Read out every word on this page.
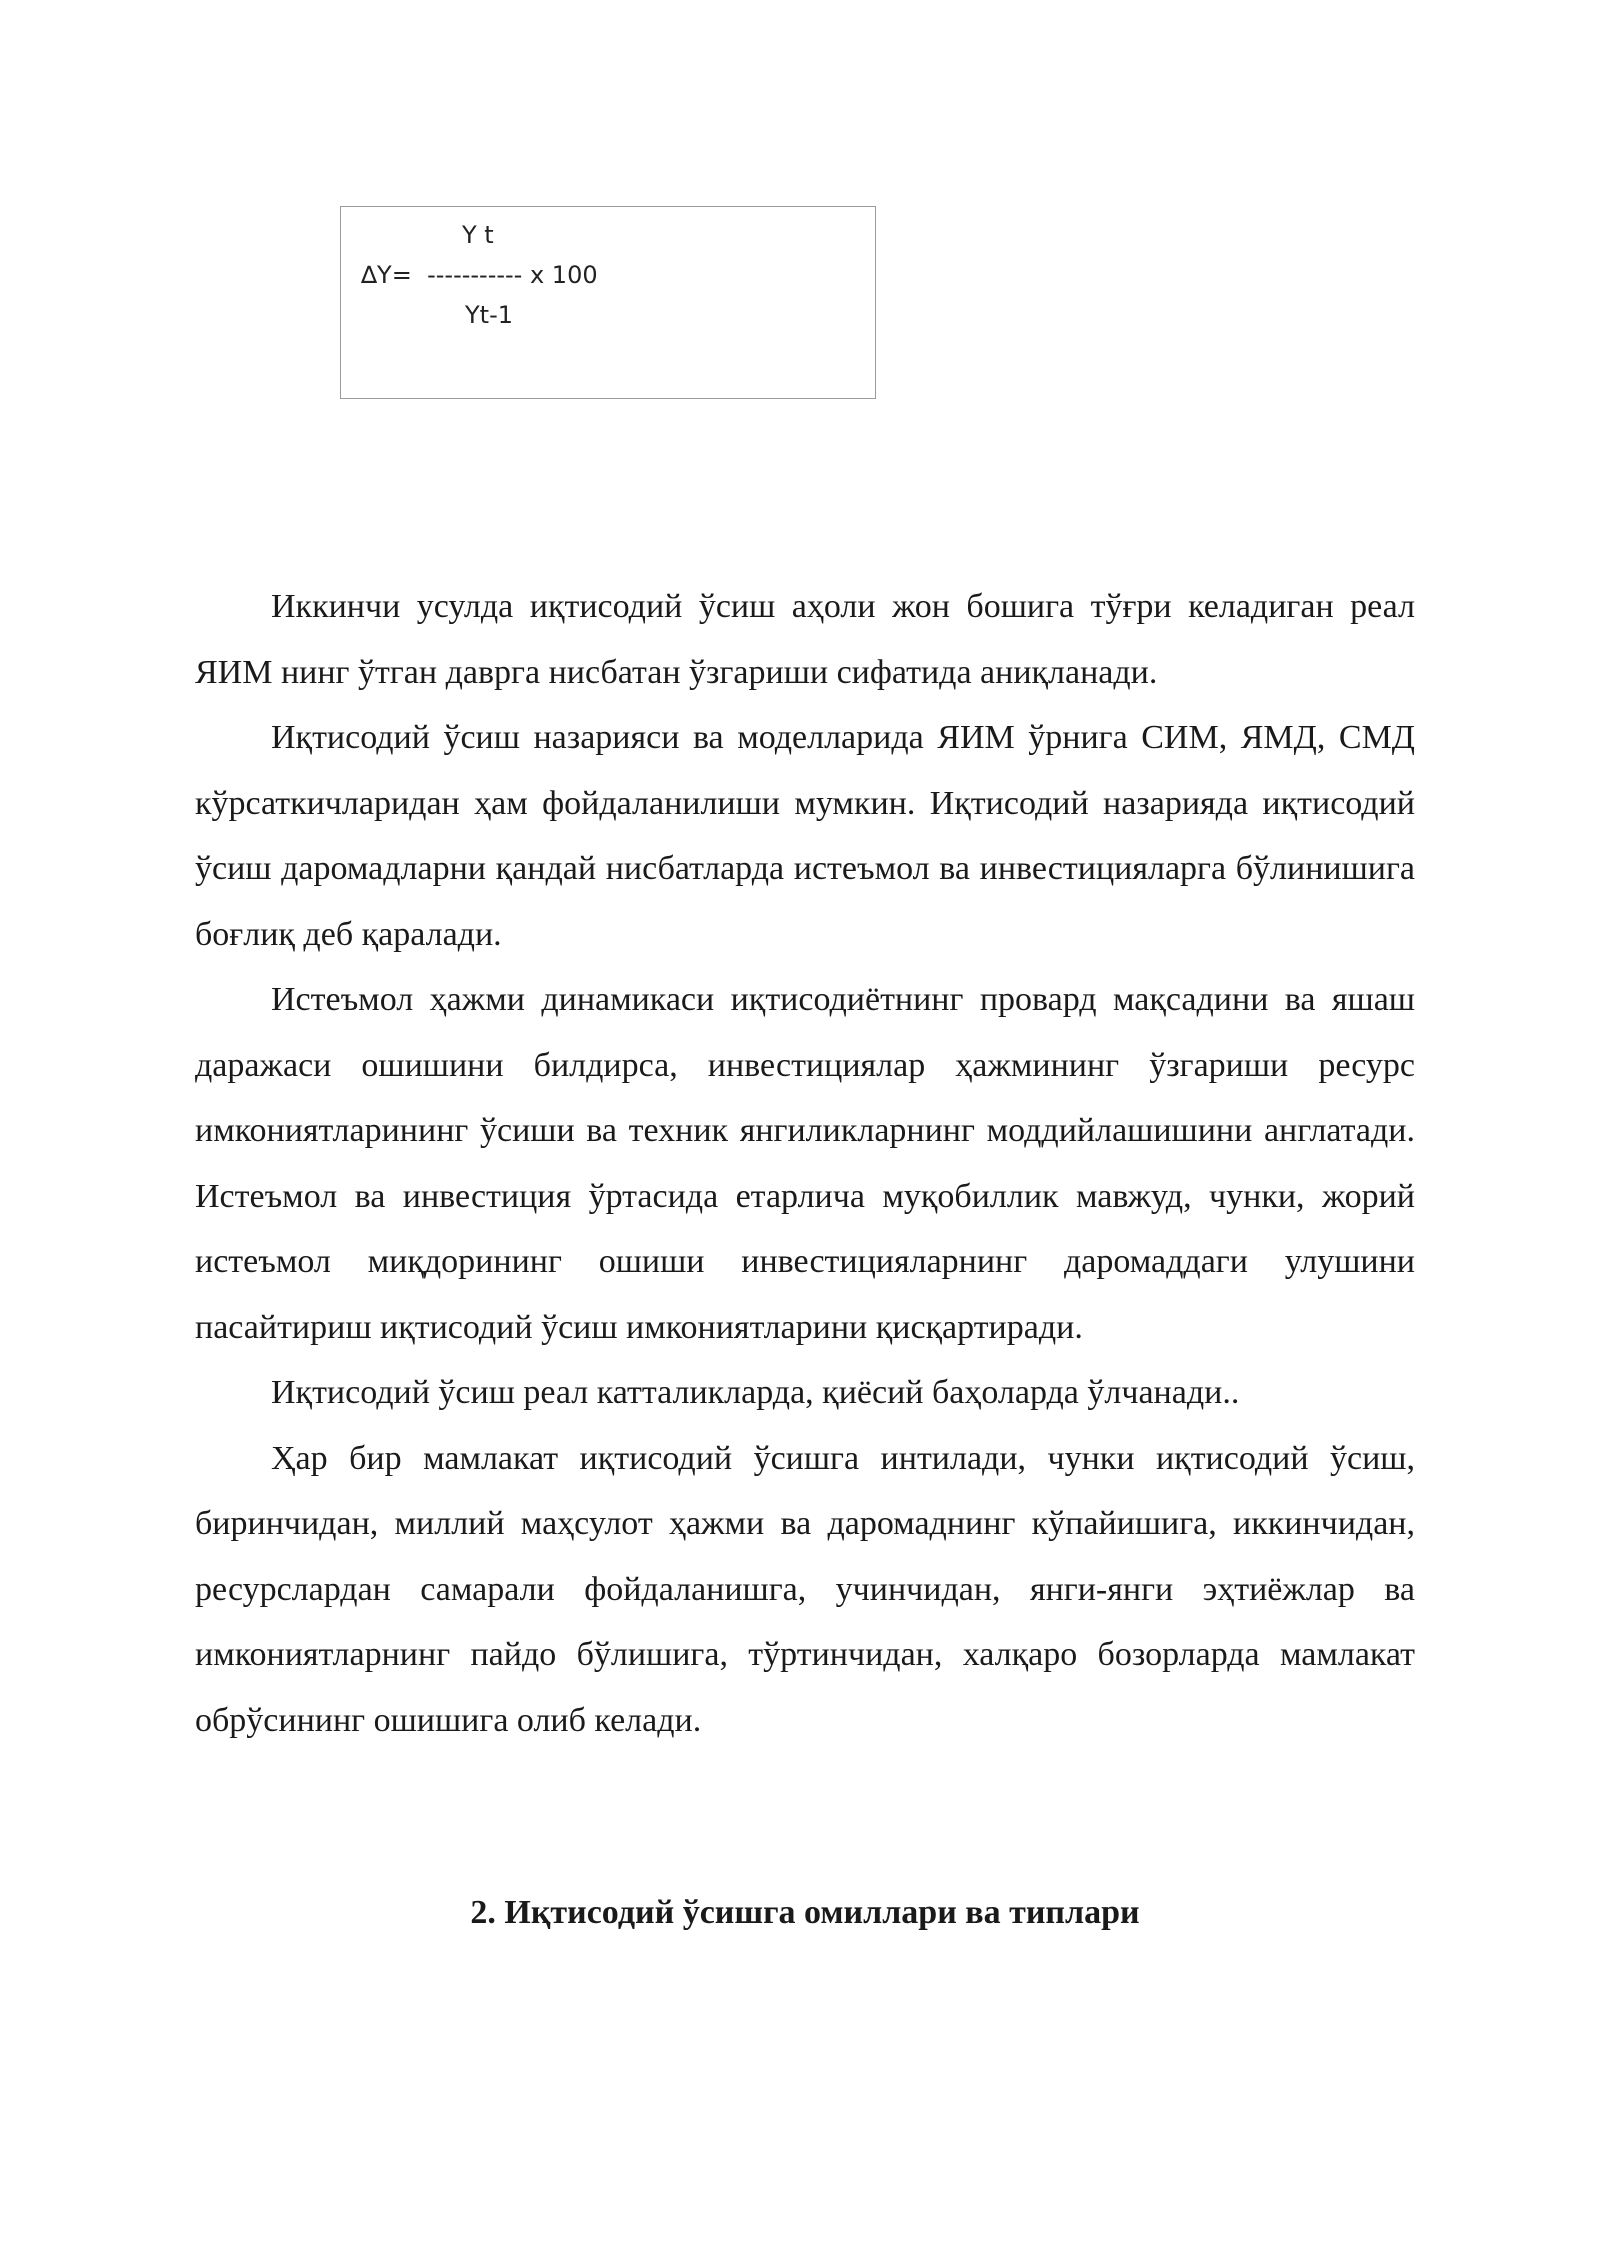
Y t
∆Y=  ----------- x 100
Yt-1

Иккинчи усулда иқтисодий ўсиш аҳоли жон бошига тўғри келадиган реал ЯИМ нинг ўтган даврга нисбатан ўзгариши сифатида аниқланади.

Иқтисодий ўсиш назарияси ва моделларида ЯИМ ўрнига СИМ, ЯМД, СМД кўрсаткичларидан ҳам фойдаланилиши мумкин. Иқтисодий назарияда иқтисодий ўсиш даромадларни қандай нисбатларда истеъмол ва инвестицияларга бўлинишига боғлиқ деб қаралади.

Истеъмол ҳажми динамикаси иқтисодиётнинг провард мақсадини ва яшаш даражаси ошишини билдирса, инвестициялар ҳажмининг ўзгариши ресурс имкониятларининг ўсиши ва техник янгиликларнинг моддийлашишини англатади. Истеъмол ва инвестиция ўртасида етарлича муқобиллик мавжуд, чунки, жорий истеъмол миқдорининг ошиши инвестицияларнинг даромаддаги улушини пасайтириш иқтисодий ўсиш имкониятларини қисқартиради.

Иқтисодий ўсиш реал катталикларда, қиёсий баҳоларда ўлчанади..

Ҳар бир мамлакат иқтисодий ўсишга интилади, чунки иқтисодий ўсиш, биринчидан, миллий маҳсулот ҳажми ва даромаднинг кўпайишига, иккинчидан, ресурслардан самарали фойдаланишга, учинчидан, янги-янги эҳтиёжлар ва имкониятларнинг пайдо бўлишига, тўртинчидан, халқаро бозорларда мамлакат обрўсининг ошишига олиб келади.

2. Иқтисодий ўсишга омиллари ва типлари
